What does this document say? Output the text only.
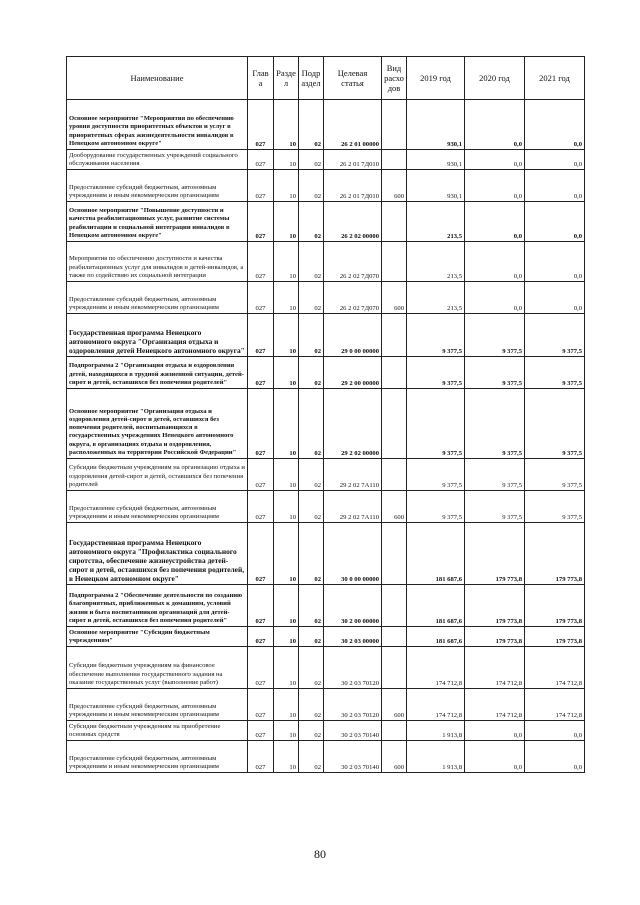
Наименование	Глав а	Разде л	Подр аздел	Целевая статья	Вид расхо дов	2019 год	2020 год	2021 год
Основное мероприятие "Мероприятия по обеспечению уровня доступности приоритетных объектов и услуг в приоритетных сферах жизнедеятельности инвалидов в Ненецком автономном округе"	027	10	02	26 2 01 00000		930,1	0,0	0,0
Дооборудование государственных учреждений социального обслуживания населения	027	10	02	26 2 01 7Д010		930,1	0,0	0,0
Предоставление субсидий бюджетным, автономным учреждениям и иным некоммерческим организациям	027	10	02	26 2 01 7Д010	600	930,1	0,0	0,0
Основное мероприятие "Повышение доступности и качества реабилитационных услуг, развитие системы реабилитации и социальной интеграции инвалидов в Ненецком автономном округе"	027	10	02	26 2 02 00000		213,5	0,0	0,0
Мероприятия по обеспечению доступности и качества реабилитационных услуг для инвалидов и детей-инвалидов, а также по содействию их социальной интеграции	027	10	02	26 2 02 7Д070		213,5	0,0	0,0
Предоставление субсидий бюджетным, автономным учреждениям и иным некоммерческим организациям	027	10	02	26 2 02 7Д070	600	213,5	0,0	0,0
Государственная программа Ненецкого автономного округа "Организация отдыха и оздоровления детей Ненецкого автономного округа"	027	10	02	29 0 00 00000		9 377,5	9 377,5	9 377,5
Подпрограмма 2 "Организация отдыха и оздоровления детей, находящихся в трудной жизненной ситуации, детей-сирот и детей, оставшихся без попечения родителей"	027	10	02	29 2 00 00000		9 377,5	9 377,5	9 377,5
Основное мероприятие "Организация отдыха и оздоровления детей-сирот и детей, оставшихся без попечения родителей, воспитывающихся в государственных учреждениях Ненецкого автономного округа, в организациях отдыха и оздоровления, расположенных на территории Российской Федерации"	027	10	02	29 2 02 00000		9 377,5	9 377,5	9 377,5
Субсидии бюджетным учреждениям на организацию отдыха и оздоровления детей-сирот и детей, оставшихся без попечения родителей	027	10	02	29 2 02 7А110		9 377,5	9 377,5	9 377,5
Предоставление субсидий бюджетным, автономным учреждениям и иным некоммерческим организациям	027	10	02	29 2 02 7А110	600	9 377,5	9 377,5	9 377,5
Государственная программа Ненецкого автономного округа "Профилактика социального сиротства, обеспечение жизнеустройства детей-сирот и детей, оставшихся без попечения родителей, в Ненецком автономном округе"	027	10	02	30 0 00 00000		181 687,6	179 773,8	179 773,8
Подпрограмма 2 "Обеспечение деятельности по созданию благоприятных, приближенных к домашним, условий жизни и быта воспитанников организаций для детей-сирот и детей, оставшихся без попечения родителей"	027	10	02	30 2 00 00000		181 687,6	179 773,8	179 773,8
Основное мероприятие "Субсидии бюджетным учреждениям"	027	10	02	30 2 03 00000		181 687,6	179 773,8	179 773,8
Субсидии бюджетным учреждениям на финансовое обеспечение выполнения государственного задания на оказание государственных услуг (выполнение работ)	027	10	02	30 2 03 70120		174 712,8	174 712,8	174 712,8
Предоставление субсидий бюджетным, автономным учреждениям и иным некоммерческим организациям	027	10	02	30 2 03 70120	600	174 712,8	174 712,8	174 712,8
Субсидии бюджетным учреждениям на приобретение основных средств	027	10	02	30 2 03 70140		1 913,8	0,0	0,0
Предоставление субсидий бюджетным, автономным учреждениям и иным некоммерческим организациям	027	10	02	30 2 03 70140	600	1 913,8	0,0	0,0
80
